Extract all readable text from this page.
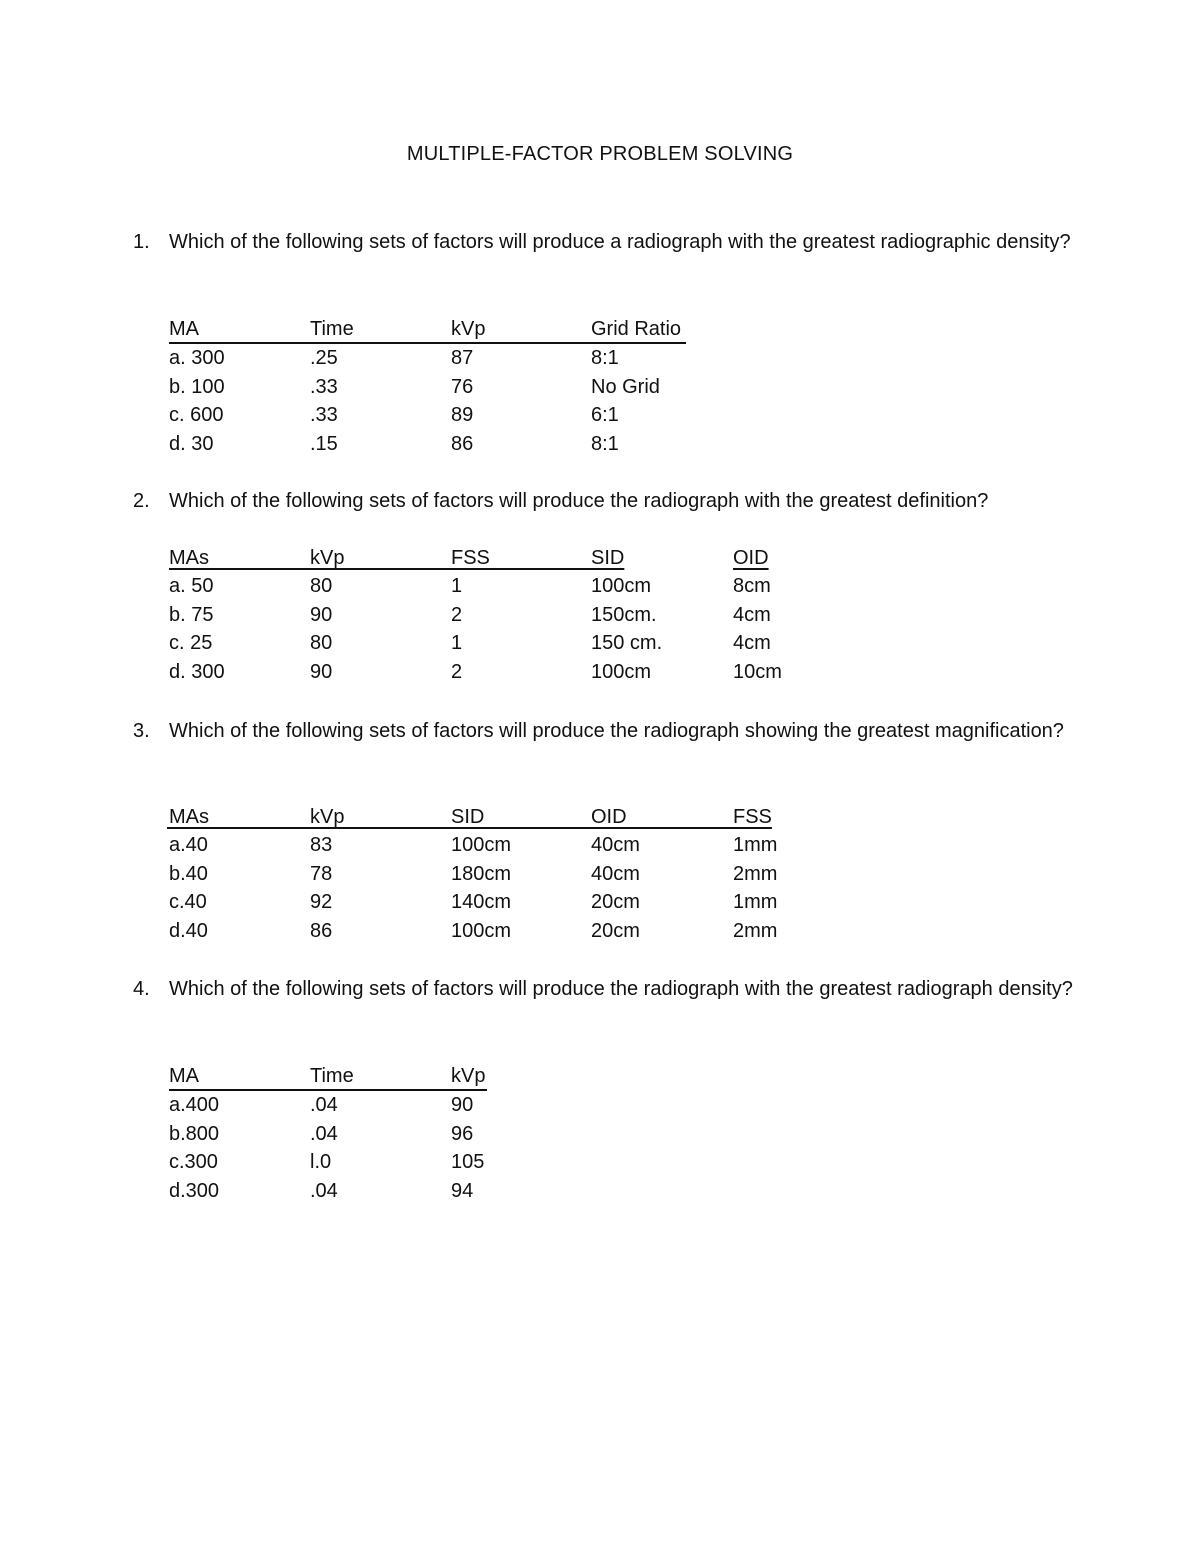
MULTIPLE-FACTOR PROBLEM SOLVING
1. Which of the following sets of factors will produce a radiograph with the greatest radiographic density?
MA	Time	kVp	Grid Ratio
a. 300	.25	87	8:1
b. 100	.33	76	No Grid
c. 600	.33	89	6:1
d. 30	.15	86	8:1
2. Which of the following sets of factors will produce the radiograph with the greatest definition?
MAs	kVp	FSS	SID	OID
a. 50	80	1	100cm	8cm
b. 75	90	2	150cm.	4cm
c. 25	80	1	150 cm.	4cm
d. 300	90	2	100cm	10cm
3. Which of the following sets of factors will produce the radiograph showing the greatest magnification?
MAs	kVp	SID	OID	FSS
a.40	83	100cm	40cm	1mm
b.40	78	180cm	40cm	2mm
c.40	92	140cm	20cm	1mm
d.40	86	100cm	20cm	2mm
4. Which of the following sets of factors will produce the radiograph with the greatest radiograph density?
MA	Time	kVp
a.400	.04	90
b.800	.04	96
c.300	l.0	105
d.300	.04	94
